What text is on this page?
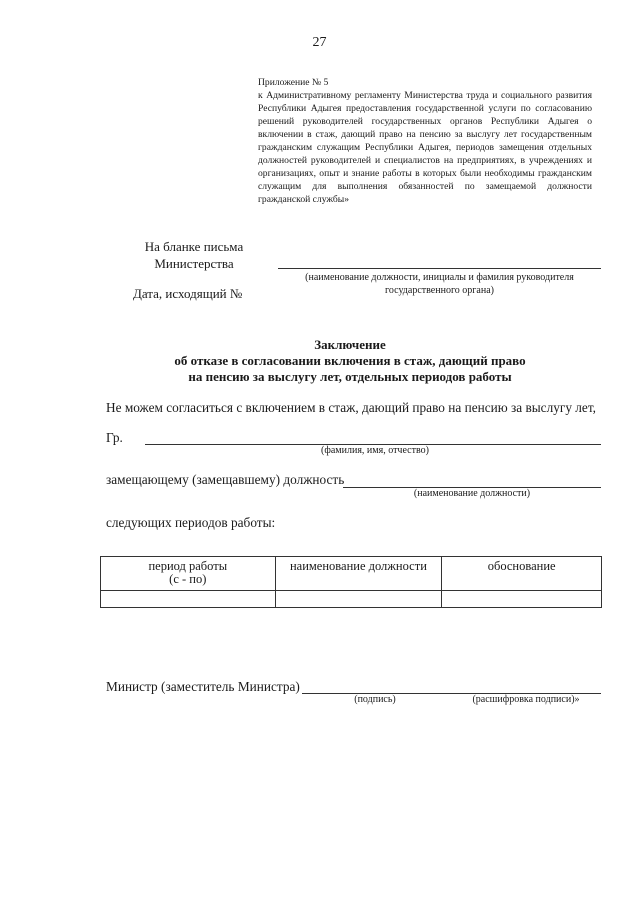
27
Приложение № 5
к Административному регламенту Министерства труда и социального развития Республики Адыгея предоставления государственной услуги по согласованию решений руководителей государственных органов Республики Адыгея о включении в стаж, дающий право на пенсию за выслугу лет государственным гражданским служащим Республики Адыгея, периодов замещения отдельных должностей руководителей и специалистов на предприятиях, в учреждениях и организациях, опыт и знание работы в которых были необходимы гражданским служащим для выполнения обязанностей по замещаемой должности гражданской службы»
На бланке письма
Министерства
Дата, исходящий №
(наименование должности, инициалы и фамилия руководителя государственного органа)
Заключение
об отказе в согласовании включения в стаж, дающий право
на пенсию за выслугу лет, отдельных периодов работы
Не можем согласиться с включением в стаж, дающий право на пенсию за выслугу лет,
Гр.
(фамилия, имя, отчество)
замещающему (замещавшему) должность
(наименование должности)
следующих периодов работы:
период работы
(с - по)	наименование должности	обоснование

Министр (заместитель Министра)
(подпись)	(расшифровка подписи)»
